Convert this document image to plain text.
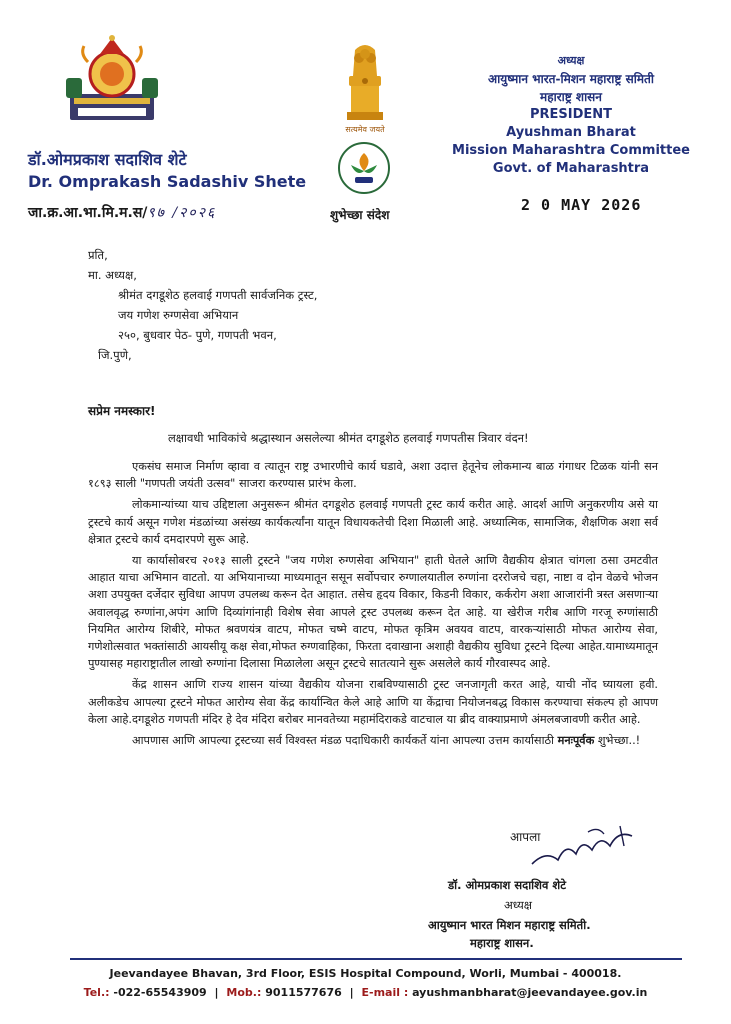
डॉ.ओमप्रकाश सदाशिव शेटे
Dr. Omprakash Sadashiv Shete
जा.क्र.आ.भा.मि.म.स/९७ /२०२६
सत्यमेव जयते
शुभेच्छा संदेश
अध्यक्ष
आयुष्मान भारत-मिशन महाराष्ट्र समिती
महाराष्ट्र शासन
PRESIDENT
Ayushman Bharat
Mission Maharashtra Committee
Govt. of Maharashtra
2 0 MAY 2026
प्रति,
मा. अध्यक्ष,
श्रीमंत दगडूशेठ हलवाई गणपती सार्वजनिक ट्रस्ट,
जय गणेश रुग्णसेवा अभियान
२५०, बुधवार पेठ- पुणे, गणपती भवन,
जि.पुणे,
सप्रेम नमस्कार!
लक्षावधी भाविकांचे श्रद्धास्थान असलेल्या श्रीमंत दगडूशेठ हलवाई गणपतीस त्रिवार वंदन!

एकसंघ समाज निर्माण व्हावा व त्यातून राष्ट्र उभारणीचे कार्य घडावे, अशा उदात्त हेतूनेच लोकमान्य बाळ गंगाधर टिळक यांनी सन १८९३ साली "गणपती जयंती उत्सव" साजरा करण्यास प्रारंभ केला.

लोकमान्यांच्या याच उद्दिष्टाला अनुसरून श्रीमंत दगडूशेठ हलवाई गणपती ट्रस्ट कार्य करीत आहे. आदर्श आणि अनुकरणीय असे या ट्रस्टचे कार्य असून गणेश मंडळांच्या असंख्य कार्यकर्त्यांना यातून विधायकतेची दिशा मिळाली आहे. अध्यात्मिक, सामाजिक, शैक्षणिक अशा सर्व क्षेत्रात ट्रस्टचे कार्य दमदारपणे सुरू आहे.

या कार्यासोबरच २०१३ साली ट्रस्टने "जय गणेश रुग्णसेवा अभियान" हाती घेतले आणि वैद्यकीय क्षेत्रात चांगला ठसा उमटवीत आहात याचा अभिमान वाटतो. या अभियानाच्या माध्यमातून ससून सर्वोपचार रुग्णालयातील रुग्णांना दररोजचे चहा, नाष्टा व दोन वेळचे भोजन अशा उपयुक्त दर्जेदार सुविधा आपण उपलब्ध करून देत आहात. तसेच हृदय विकार, किडनी विकार, कर्करोग अशा आजारांनी त्रस्त असणाऱ्या अवालवृद्ध रुग्णांना,अपंग आणि दिव्यांगांनाही विशेष सेवा आपले ट्रस्ट उपलब्ध करून देत आहे. या खेरीज गरीब आणि गरजू रुग्णांसाठी नियमित आरोग्य शिबीरे, मोफत श्रवणयंत्र वाटप, मोफत चष्मे वाटप, मोफत कृत्रिम अवयव वाटप, वारकऱ्यांसाठी मोफत आरोग्य सेवा, गणेशोत्सवात भक्तांसाठी आयसीयू कक्ष सेवा,मोफत रुग्णवाहिका, फिरता दवाखाना अशाही वैद्यकीय सुविधा ट्रस्टने दिल्या आहेत.यामाध्यमातून पुण्यासह महाराष्ट्रातील लाखो रुग्णांना दिलासा मिळालेला असून ट्रस्टचे सातत्याने सुरू असलेले कार्य गौरवास्पद आहे.

केंद्र शासन आणि राज्य शासन यांच्या वैद्यकीय योजना राबविण्यासाठी ट्रस्ट जनजागृती करत आहे, याची नोंद घ्यायला हवी. अलीकडेच आपल्या ट्रस्टने मोफत आरोग्य सेवा केंद्र कार्यान्वित केले आहे आणि या केंद्राचा नियोजनबद्ध विकास करण्याचा संकल्प हो आपण केला आहे.दगडूशेठ गणपती मंदिर हे देव मंदिरा बरोबर मानवतेच्या महामंदिराकडे वाटचाल या ब्रीद वाक्याप्रमाणे अंमलबजावणी करीत आहे.

आपणास आणि आपल्या ट्रस्टच्या सर्व विश्वस्त मंडळ पदाधिकारी कार्यकर्ते यांना आपल्या उत्तम कार्यासाठी मनःपूर्वक शुभेच्छा..!

आपला
डॉ. ओमप्रकाश सदाशिव शेटे
अध्यक्ष
आयुष्मान भारत मिशन महाराष्ट्र समिती.
महाराष्ट्र शासन.
Jeevandayee Bhavan, 3rd Floor, ESIS Hospital Compound, Worli, Mumbai - 400018.
Tel.: -022-65543909 | Mob.: 9011577676 | E-mail : ayushmanbharat@jeevandayee.gov.in
